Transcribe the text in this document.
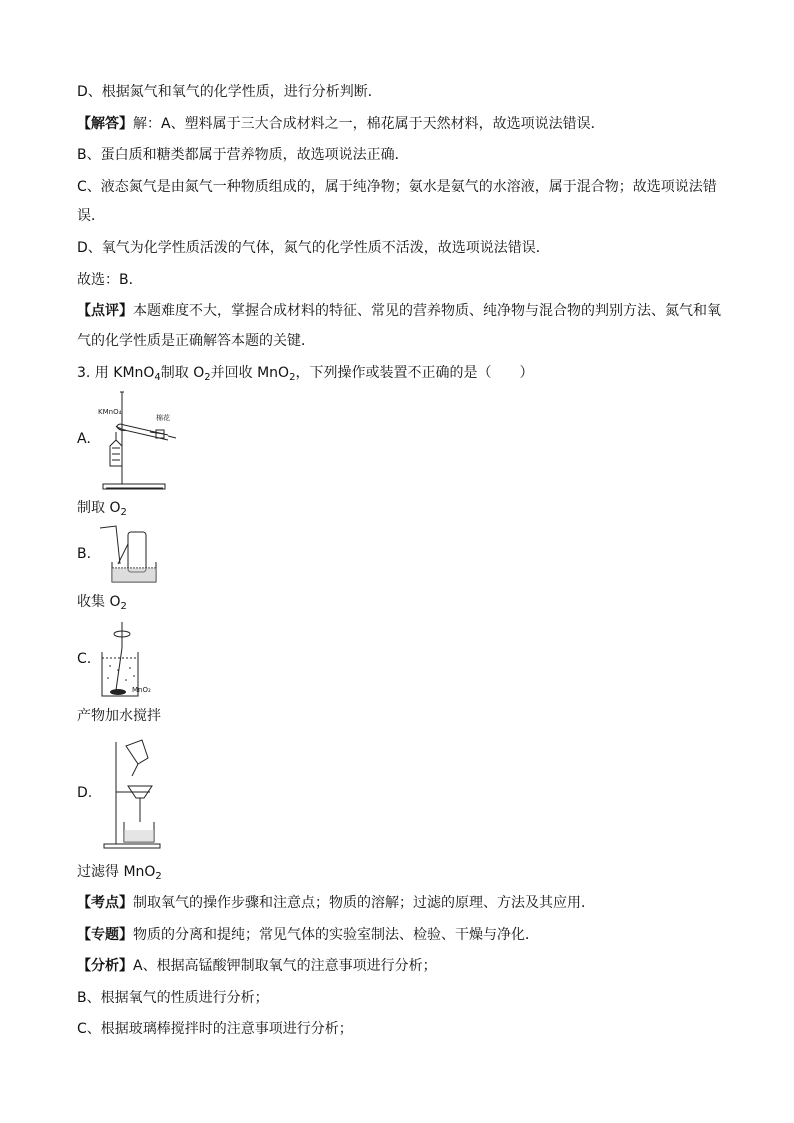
D、根据氮气和氧气的化学性质，进行分析判断．
【解答】解：A、塑料属于三大合成材料之一，棉花属于天然材料，故选项说法错误．
B、蛋白质和糖类都属于营养物质，故选项说法正确．
C、液态氮气是由氮气一种物质组成的，属于纯净物；氨水是氨气的水溶液，属于混合物；故选项说法错
误．
D、氧气为化学性质活泼的气体，氮气的化学性质不活泼，故选项说法错误．
故选：B．
【点评】本题难度不大，掌握合成材料的特征、常见的营养物质、纯净物与混合物的判别方法、氮气和氧
气的化学性质是正确解答本题的关键．
3. 用 KMnO$_4$制取 $O_2$并回收 MnO$_2$，下列操作或装置不正确的是（　　）
A.
KMnO₄
棉花
制取 $O_2$
B.
收集 $O_2$
C.
MnO₂
产物加水搅拌
D.
过滤得 MnO$_2$
【考点】制取氧气的操作步骤和注意点；物质的溶解；过滤的原理、方法及其应用．
【专题】物质的分离和提纯；常见气体的实验室制法、检验、干燥与净化．
【分析】A、根据高锰酸钾制取氧气的注意事项进行分析；
B、根据氧气的性质进行分析；
C、根据玻璃棒搅拌时的注意事项进行分析；
